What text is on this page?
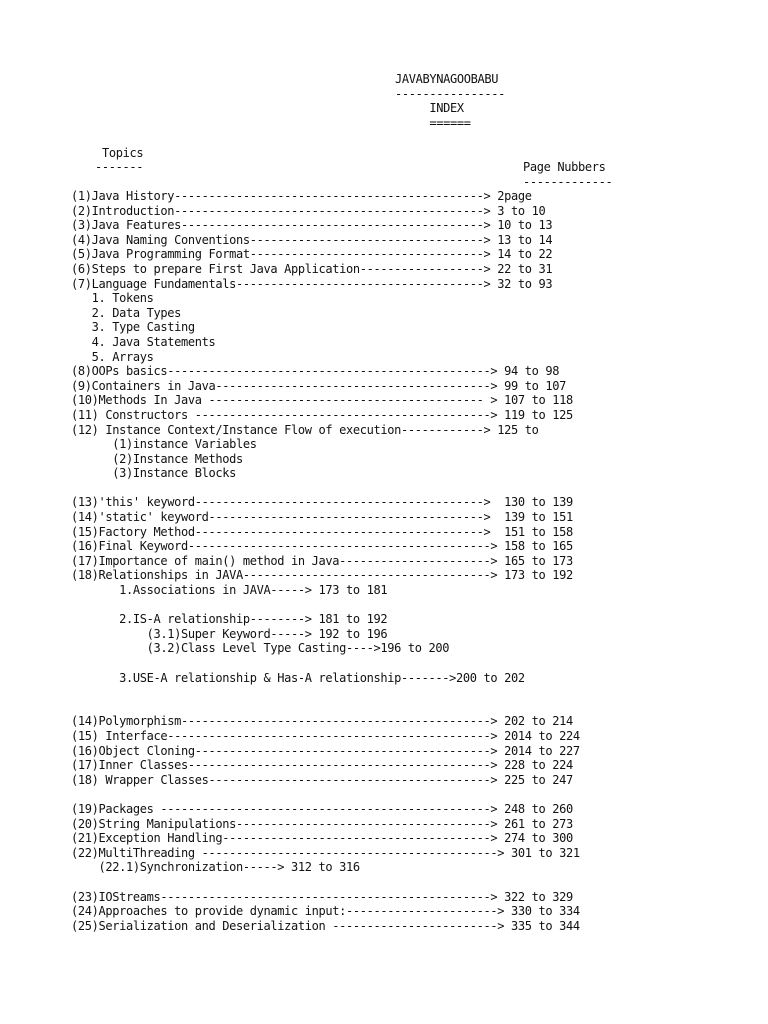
JAVABYNAGOOBABU
----------------
INDEX
======
Topics
-------	Page Nubbers
-------------
(1)Java History---------------------------------------------> 2page
(2)Introduction---------------------------------------------> 3 to 10
(3)Java Features--------------------------------------------> 10 to 13
(4)Java Naming Conventions----------------------------------> 13 to 14
(5)Java Programming Format----------------------------------> 14 to 22
(6)Steps to prepare First Java Application------------------> 22 to 31
(7)Language Fundamentals------------------------------------> 32 to 93
1. Tokens
2. Data Types
3. Type Casting
4. Java Statements
5. Arrays
(8)OOPs basics-----------------------------------------------> 94 to 98
(9)Containers in Java----------------------------------------> 99 to 107
(10)Methods In Java ---------------------------------------- > 107 to 118
(11) Constructors -------------------------------------------> 119 to 125
(12) Instance Context/Instance Flow of execution------------> 125 to
(1)instance Variables
(2)Instance Methods
(3)Instance Blocks
(13)'this' keyword------------------------------------------>  130 to 139
(14)'static' keyword---------------------------------------->  139 to 151
(15)Factory Method------------------------------------------>  151 to 158
(16)Final Keyword--------------------------------------------> 158 to 165
(17)Importance of main() method in Java----------------------> 165 to 173
(18)Relationships in JAVA------------------------------------> 173 to 192
1.Associations in JAVA-----> 173 to 181
2.IS-A relationship--------> 181 to 192
(3.1)Super Keyword-----> 192 to 196
(3.2)Class Level Type Casting---->196 to 200
3.USE-A relationship & Has-A relationship------->200 to 202
(14)Polymorphism---------------------------------------------> 202 to 214
(15) Interface-----------------------------------------------> 2014 to 224
(16)Object Cloning-------------------------------------------> 2014 to 227
(17)Inner Classes--------------------------------------------> 228 to 224
(18) Wrapper Classes-----------------------------------------> 225 to 247
(19)Packages ------------------------------------------------> 248 to 260
(20)String Manipulations-------------------------------------> 261 to 273
(21)Exception Handling---------------------------------------> 274 to 300
(22)MultiThreading -------------------------------------------> 301 to 321
(22.1)Synchronization-----> 312 to 316
(23)IOStreams------------------------------------------------> 322 to 329
(24)Approaches to provide dynamic input:----------------------> 330 to 334
(25)Serialization and Deserialization ------------------------> 335 to 344
